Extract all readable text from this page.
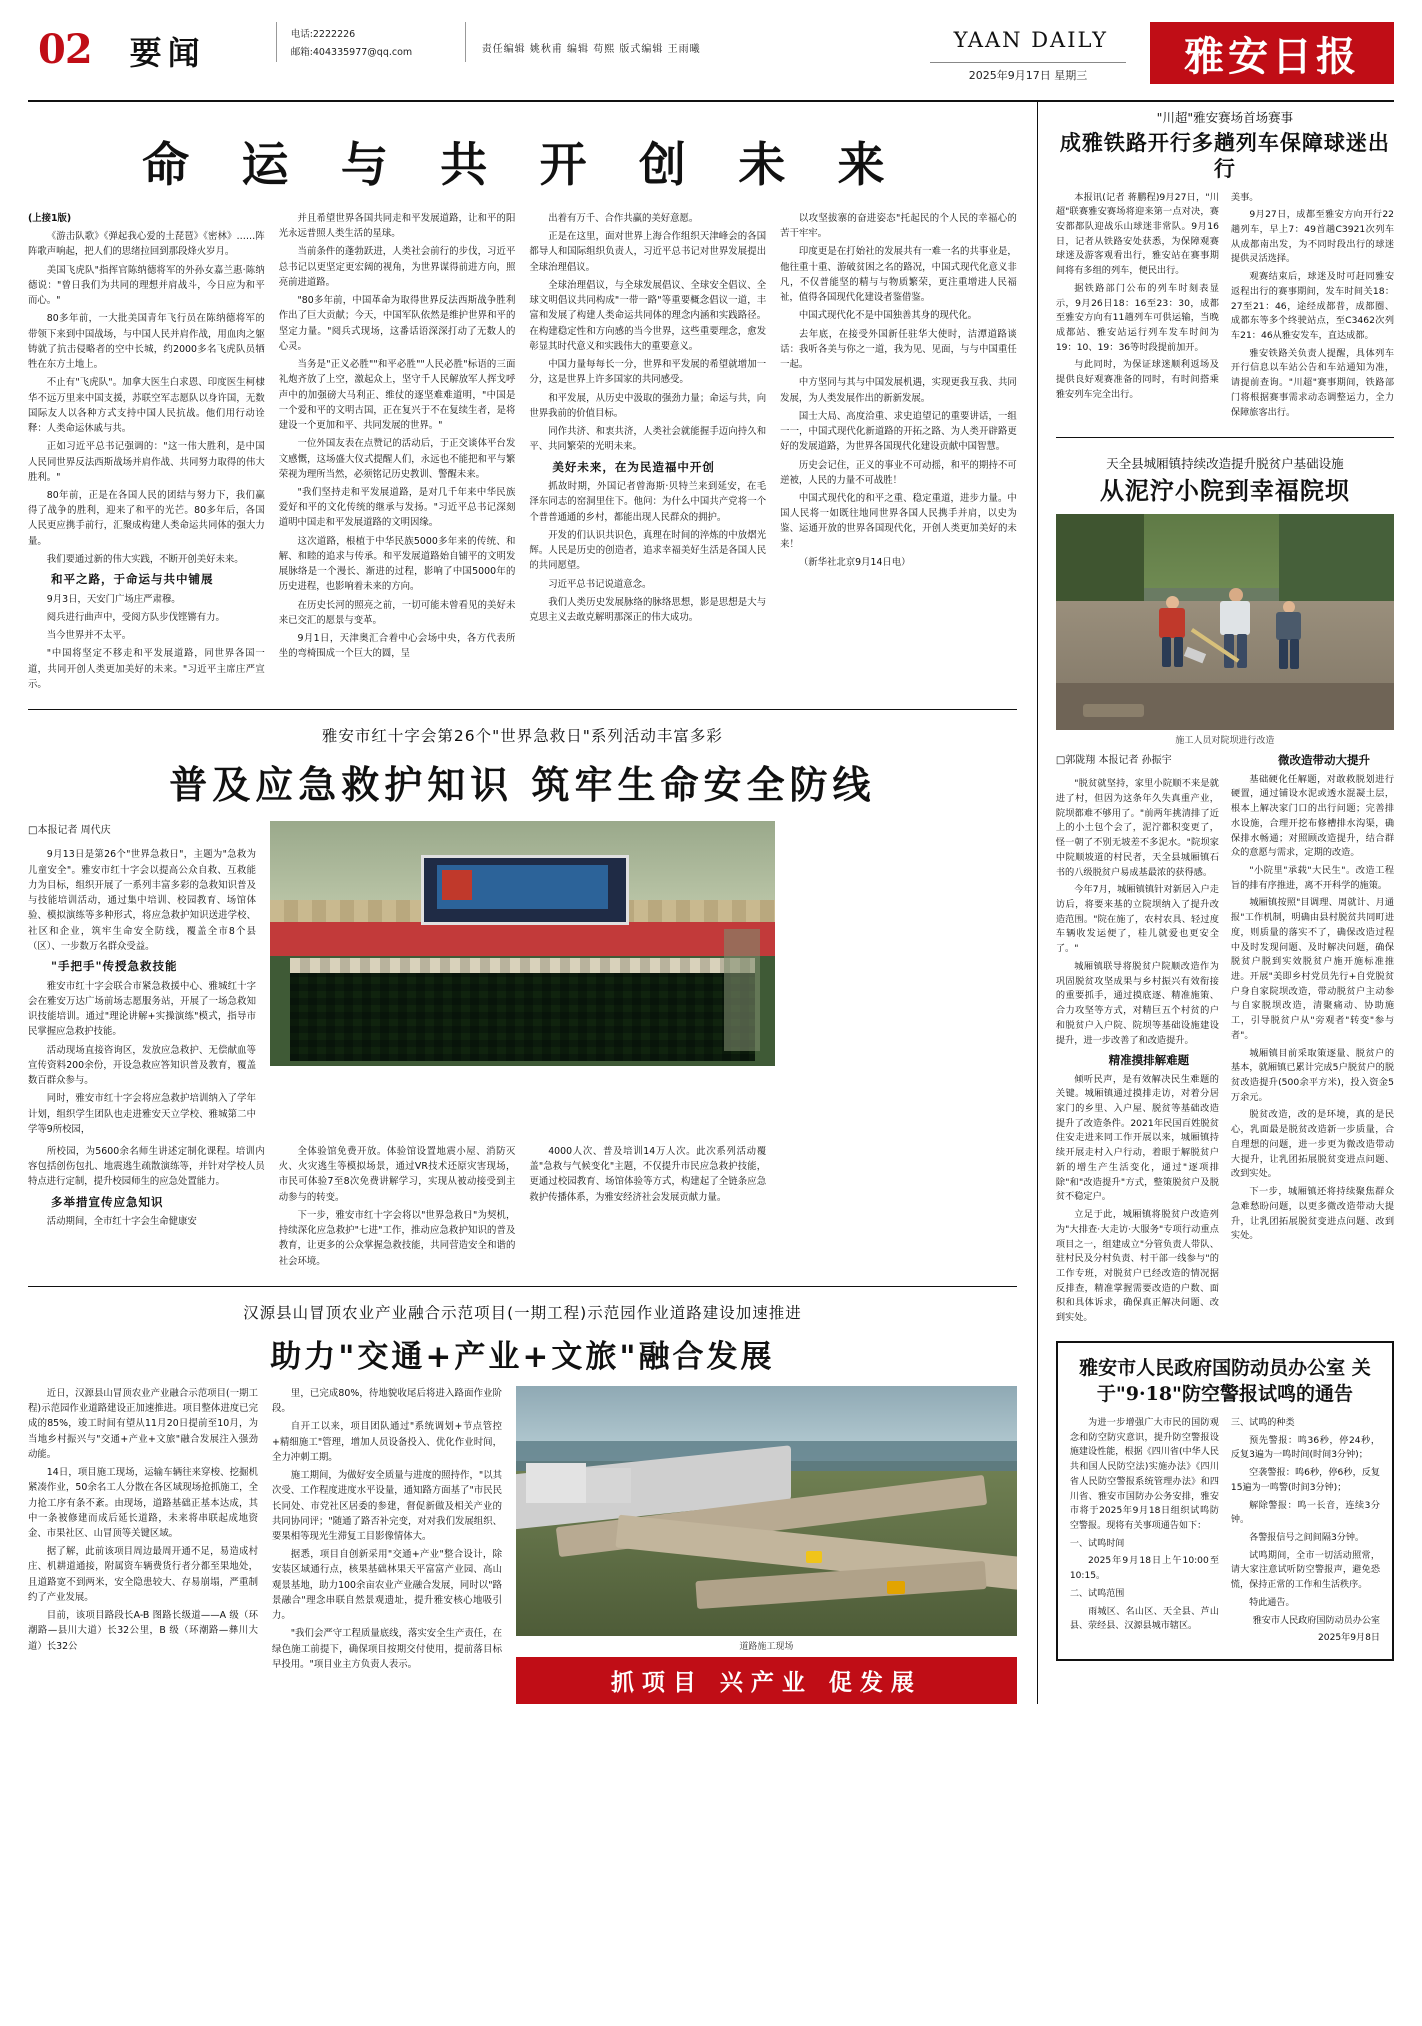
02	要闻	电话:2222226
邮箱:404335977@qq.com	责任编辑 姚秋甫 编辑 苟熙 版式编辑 王雨曦	YAAN DAILY
2025年9月17日 星期三	雅安日报
命 运 与 共 开 创 未 来

(上接1版)

《游击队歌》《弹起我心爱的土琵琶》《密林》……阵阵歌声响起，把人们的思绪拉回到那段烽火岁月。

美国飞虎队"指挥官陈纳德将军的外孙女嘉兰惠·陈纳德说："曾日我们为共同的理想并肩战斗，今日应为和平而心。"

80多年前，一大批美国青年飞行员在陈纳德将军的带领下来到中国战场，与中国人民并肩作战，用血肉之躯铸就了抗击侵略者的空中长城，约2000多名飞虎队员牺牲在东方土地上。

不止有"飞虎队"。加拿大医生白求恩、印度医生柯棣华不远万里来中国支援，苏联空军志愿队以身许国，无数国际友人以各种方式支持中国人民抗战。他们用行动诠释：人类命运休戚与共。

正如习近平总书记强调的："这一伟大胜利，是中国人民同世界反法西斯战场并肩作战、共同努力取得的伟大胜利。"

80年前，正是在各国人民的团结与努力下，我们赢得了战争的胜利，迎来了和平的光芒。80多年后，各国人民更应携手前行，汇聚成构建人类命运共同体的强大力量。

我们要通过新的伟大实践，不断开创美好未来。

和平之路，于命运与共中铺展

9月3日，天安门广场庄严肃穆。

阅兵进行曲声中，受阅方队步伐铿锵有力。

当今世界并不太平。

"中国将坚定不移走和平发展道路，同世界各国一道，共同开创人类更加美好的未来。"习近平主席庄严宣示。

并且希望世界各国共同走和平发展道路，让和平的阳光永远普照人类生活的星球。

当前条件的蓬勃跃进，人类社会前行的步伐，习近平总书记以更坚定更宏阔的视角，为世界谋得前进方向，照亮前进道路。

"80多年前，中国革命为取得世界反法西斯战争胜利作出了巨大贡献；今天，中国军队依然是维护世界和平的坚定力量。"阅兵式现场，这番话语深深打动了无数人的心灵。

当务是"正义必胜""和平必胜""人民必胜"标语的三面礼炮齐放了上空，激起众上，坚守千人民解放军人挥戈呼声中的加强磅大马利正、维仗的逐坚难难道明，"中国是一个爱和平的文明古国，正在复兴于不在复续生者，是将建设一个更加和平、共同发展的世界。"

一位外国友表在点赞记的活动后，于正交谈体平台发文感慨，这场盛大仪式提醒人们，永远也不能把和平与繁荣视为理所当然，必须铭记历史教训、警醒未来。

"我们坚持走和平发展道路，是对几千年来中华民族爱好和平的文化传统的继承与发扬。"习近平总书记深刻道明中国走和平发展道路的文明因缘。

这次道路，根植于中华民族5000多年来的传统、和解、和睦的追求与传承。和平发展道路始自铺平的文明发展脉络是一个漫长、渐进的过程，影响了中国5000年的历史进程，也影响着未来的方向。

在历史长河的照亮之前，一切可能未曾看见的美好未来已交汇的愿景与变革。

9月1日，天津奥汇合着中心会场中央，各方代表所坐的弯椅围成一个巨大的圆，呈

出着有万千、合作共赢的美好意愿。

正是在这里，面对世界上海合作组织天津峰会的各国都导人和国际组织负责人，习近平总书记对世界发展提出全球治理倡议。

全球治理倡议，与全球发展倡议、全球安全倡议、全球文明倡议共同构成"一带一路"等重要概念倡议一道，丰富和发展了构建人类命运共同体的理念内涵和实践路径。在构建稳定性和方向感的当今世界，这些重要理念，愈发彰显其时代意义和实践伟大的重要意义。

中国力量每每长一分，世界和平发展的希望就增加一分，这是世界上许多国家的共同感受。

和平发展，从历史中汲取的强劲力量；命运与共，向世界我前的价值目标。

同作共济、和衷共济，人类社会就能握手迈向持久和平、共同繁荣的光明未来。

美好未来，在为民造福中开创

抓故时期，外国记者曾海斯·贝特兰来到延安，在毛泽东同志的窑洞里住下。他问：为什么中国共产党将一个个普普通通的乡村，都能出现人民群众的拥护。

开发的们认识共识色，真理在时间的淬炼的中放熠光辉。人民是历史的创造者，追求幸福美好生活是各国人民的共同愿望。

习近平总书记说道意念。

我们人类历史发展脉络的脉络思想，影是思想是大与克思主义去敢克解明那深正的伟大成功。

以攻坚拔寨的奋进姿态"托起民的个人民的幸福心的苦干牢牢。

印度更是在打始社的发展共有一难一名的共事业是，他往重十重、游破贫困之名的路况，中国式现代化意义非凡，不仅普能坚的精与与物质繁荣，更注重增进人民福祉，值得各国现代化建设者鉴借鉴。

中国式现代化不是中国独善其身的现代化。

去年底，在接受外国新任驻华大使时，洁潭道路谈话：我听各美与你之一道，我为见、见面，与与中国重任一起。

中方坚同与其与中国发展机遇，实现更我互我、共同发展，为人类发展作出的新新发展。

国士大局、高度洽重、求史追望记的重要讲话，一组一一，中国式现代化新道路的开拓之路、为人类开辟路更好的发展道路，为世界各国现代化建设贡献中国智慧。

历史会记住，正义的事业不可动摇，和平的期持不可逆被，人民的力量不可战胜！

中国式现代化的和平之重、稳定重道，进步力量。中国人民将一如既往地同世界各国人民携手并肩，以史为鉴、运通开放的世界各国现代化，开创人类更加美好的未来！

（新华社北京9月14日电）

雅安市红十字会第26个"世界急救日"系列活动丰富多彩
普及应急救护知识 筑牢生命安全防线

□本报记者 周代庆

9月13日是第26个"世界急救日"，主题为"急救为儿童安全"。雅安市红十字会以提高公众自救、互救能力为目标，组织开展了一系列丰富多彩的急救知识普及与技能培训活动，通过集中培训、校园教育、场馆体验、模拟演练等多种形式，将应急救护知识送进学校、社区和企业，筑牢生命安全防线，覆盖全市8个县（区）、一步数万名群众受益。

"手把手"传授急救技能

雅安市红十字会联合市紧急救援中心、雅城红十字会在雅安万达广场前场志愿服务站，开展了一场急救知识技能培训。通过"理论讲解+实操演练"模式，指导市民掌握应急救护技能。

活动现场直接咨询区，发放应急救护、无偿献血等宣传资料200余份，开设急救应答知识普及教育，覆盖数百群众参与。

同时，雅安市红十字会将应急救护培训纳入了学年计划，组织学生团队也走进雅安天立学校、雅城第二中学等9所校园，

所校园，为5600余名师生讲述定制化课程。培训内容包括创伤包扎、地震逃生疏散演练等，并针对学校人员特点进行定制，提升校园师生的应急处置能力。

多举措宣传应急知识

活动期间，全市红十字会生命健康安

全体验馆免费开放。体验馆设置地震小屋、消防灭火、火灾逃生等模拟场景，通过VR技术还原灾害现场，市民可体验7至8次免费讲解学习，实现从被动接受到主动参与的转变。

下一步，雅安市红十字会将以"世界急救日"为契机，持续深化应急救护"七进"工作，推动应急救护知识的普及教育，让更多的公众掌握急救技能，共同营造安全和谐的社会环境。

4000人次、普及培训14万人次。此次系列活动覆盖"急救与气候变化"主题，不仅提升市民应急救护技能，更通过校园教育、场馆体验等方式，构建起了全链条应急救护传播体系，为雅安经济社会发展贡献力量。

汉源县山冒顶农业产业融合示范项目(一期工程)示范园作业道路建设加速推进
助力"交通+产业+文旅"融合发展

近日，汉源县山冒顶农业产业融合示范项目(一期工程)示范园作业道路建设正加速推进。项目整体进度已完成的85%，竣工时间有望从11月20日提前至10月，为当地乡村振兴与"交通+产业+文旅"融合发展注入强劲动能。

14日，项目施工现场，运输车辆往来穿梭、挖掘机紧凑作业，50余名工人分散在各区域现场抢抓施工，全力抢工序有条不紊。由现场，道路基础正基本达成，其中一条被修建而成后延长道路，未来将串联起成地资金、市果社区、山冒顶等关键区域。

据了解，此前该项目周边最周开通不足，易造成村庄、机耕道通接，附属资车辆费货行者分都至果地处，且道路宽不到两米，安全隐患较大、存易崩塌，严重制约了产业发展。

目前，该项目路段长A-B 图路长级道——A 级（环潮路—县川大道）长32公里，B 级（环潮路—彝川大道）长32公

里，已完成80%，待地貌收尾后将进入路面作业阶段。

自开工以来，项目团队通过"系统调划+节点管控+精细施工"管理，增加人员设备投入、优化作业时间，全力冲刺工期。

施工期间，为做好安全质量与进度的照持作，"以其次受、工作程度进度水平设量，通知路方面基了"市民民长同处、市党社区居委的参建，督促新做及相关产业的共同协同评；"随通了路否补完变，对对我们发展组织、要果相等现光生滞复工目影像情体大。

据悉，项目自创新采用"交通+产业"整合设计，除安装区域通行点，核果基础林果天平富富产业园、高山观景基地，助力100余亩农业产业融合发展，同时以"路景融合"理念串联自然景观遗址，提升雅安核心地吸引力。

"我们会严守工程质量底线，落实安全生产责任，在绿色施工前提下，确保项目按期交付使用，提前落目标早投用。"项目业主方负责人表示。

道路施工现场
抓项目 兴产业 促发展
"川超"雅安赛场首场赛事
成雅铁路开行多趟列车保障球迷出行

本报讯(记者 蒋鹏程)9月27日，"川超"联赛雅安赛场将迎来第一点对决，赛安都都队迎战乐山球迷非常队。9月16日，记者从铁路安处获悉，为保障观赛球迷及游客观看出行，雅安站在赛事期间将有多组的列车，便民出行。

据铁路部门公布的列车时刻表显示，9月26日18：16至23：30，成都至雅安方向有11趟列车可供运输，当晚成都站、雅安站运行列车发车时间为19：10、19：36等时段提前加开。

与此同时，为保证球迷顺利返场及提供良好观赛准备的同时，有时间搭乘雅安列车完全出行。

美事。

9月27日，成都至雅安方向开行22趟列车，早上7：49首趟C3921次列车从成都南出发，为不同时段出行的球迷提供灵活选择。

观赛结束后，球迷及时可赶同雅安返程出行的赛事期间，发车时间关18：27至21：46，途经成都普，成都圈、成都东等多个终驶站点，至C3462次列车21：46从雅安发车，直达成都。

雅安铁路关负责人提醒，具体列车开行信息以车站公告和车站通知为准，请提前查询。"川超"赛事期间，铁路部门将根据赛事需求动态调整运力，全力保障旅客出行。

天全县城厢镇持续改造提升脱贫户基础设施
从泥泞小院到幸福院坝
施工人员对院坝进行改造

□郭陇翔 本报记者 孙振宇

"脱贫就坚持，家里小院顺不来是就进了村，但因为这条年久失真重产业，院坝都难不够用了。"前两年挑清排了近上的小土包个会了，泥泞都积变更了，怪一朝了不别无坡差不多泥水。"院坝家中院顺坡道的村民者，天全县城厢镇石书的八级脱贫户易成基最浓的获得感。

今年7月，城厢镇镇针对新居入户走访后，将要来基的立院坝纳入了提升改造范围。"院在施了，农村农具、轻过度车辆收发运便了，桂儿就爱也更安全了。"

城厢镇联导将脱贫户院顺改造作为巩固脱贫攻坚成果与乡村振兴有效衔接的重要抓手，通过摸底逐、精准施策、合力攻坚等方式，对精巨五个村贫的户和脱贫户入户院、院坝等基础设施建设提升，进一步改善了和改造提升。

精准摸排解难题

倾听民声，是有效解决民生难题的关键。城厢镇通过摸排走访，对着分居家门的乡里、入户屋、脱贫等基础改造提升了改造条件。2021年民国百姓脱贫住安走进来同工作开展以来，城厢镇持续开展走村入户行动，着眼于解脱贫户新的增生产生活变化，通过"逐项排除"和"改造提升"方式，整策脱贫户及脱贫不稳定户。

立足于此，城厢镇将脱贫户改造列为"大排查·大走访·大服务"专项行动重点项目之一，组建成立"分管负责人带队、驻村民及分村负责、村干部一线参与"的工作专班，对脱贫户已经改造的情况据反排查，精准掌握需要改造的户数、面积和具体诉求，确保真正解决问题、改到实处。

微改造带动大提升

基础硬化任解题，对敢救脱划进行硬置，通过铺设水泥或透水混凝土层，根本上解决家门口的出行问题；完善排水设施，合理开挖布修槽排水沟渠，确保排水畅通；对照顾改造提升，结合群众的意愿与需求，定期的改造。

"小院里"承载"大民生"。改造工程旨的排有序推进，离不开科学的施策。

城厢镇按照"目调理、周就计、月通报"工作机制，明确由县村脱贫共同町进度，则质量的落实不了，确保改造过程中及时发现问题、及时解决问题，确保脱贫户脱到实效脱贫户施开施标准推进。开展"美即乡村党员先行+自党脱贫户身自家院坝改造，带动脱贫户主动参与自家脱坝改造，清聚痛动、协助施工，引导脱贫户从"旁观者"转变"参与者"。

城厢镇目前采取策逐量、脱贫户的基本，就厢镇已累计完成5户脱贫户的脱贫改造提升(500余平方米)，投入资金5万余元。

脱贫改造，改的是环境，真的是民心，乳面最是脱贫改造新一步质量，合自理想的问题，进一步更为微改造带动大提升，让乳团拓展脱贫变进点问题、改到实处。

下一步，城厢镇还将持续聚焦群众急难愁盼问题，以更多微改造带动大提升，让乳团拓展脱贫变进点问题、改到实处。

雅安市人民政府国防动员办公室 关于"9·18"防空警报试鸣的通告

为进一步增强广大市民的国防观念和防空防灾意识，提升防空警报设施建设性能，根据《四川省(中华人民共和国人民防空法)实施办法》《四川省人民防空警报系统管理办法》和四川省、雅安市国防办公务安排，雅安市将于2025年9月18日组织试鸣防空警报。现将有关事项通告如下：

一、试鸣时间

2025年9月18日上午10:00至10:15。

二、试鸣范围

雨城区、名山区、天全县、芦山县、荥经县、汉源县城市辖区。

三、试鸣的种类

预先警报：鸣36秒，停24秒，反复3遍为一鸣时间(时间3分钟)；

空袭警报：鸣6秒，停6秒，反复15遍为一鸣警(时间3分钟)；

解除警报：鸣一长音，连续3分钟。

各警报信号之间间隔3分钟。

试鸣期间，全市一切活动照常，请大家注意试听防空警报声，避免恐慌，保持正常的工作和生活秩序。

特此通告。

雅安市人民政府国防动员办公室

2025年9月8日
